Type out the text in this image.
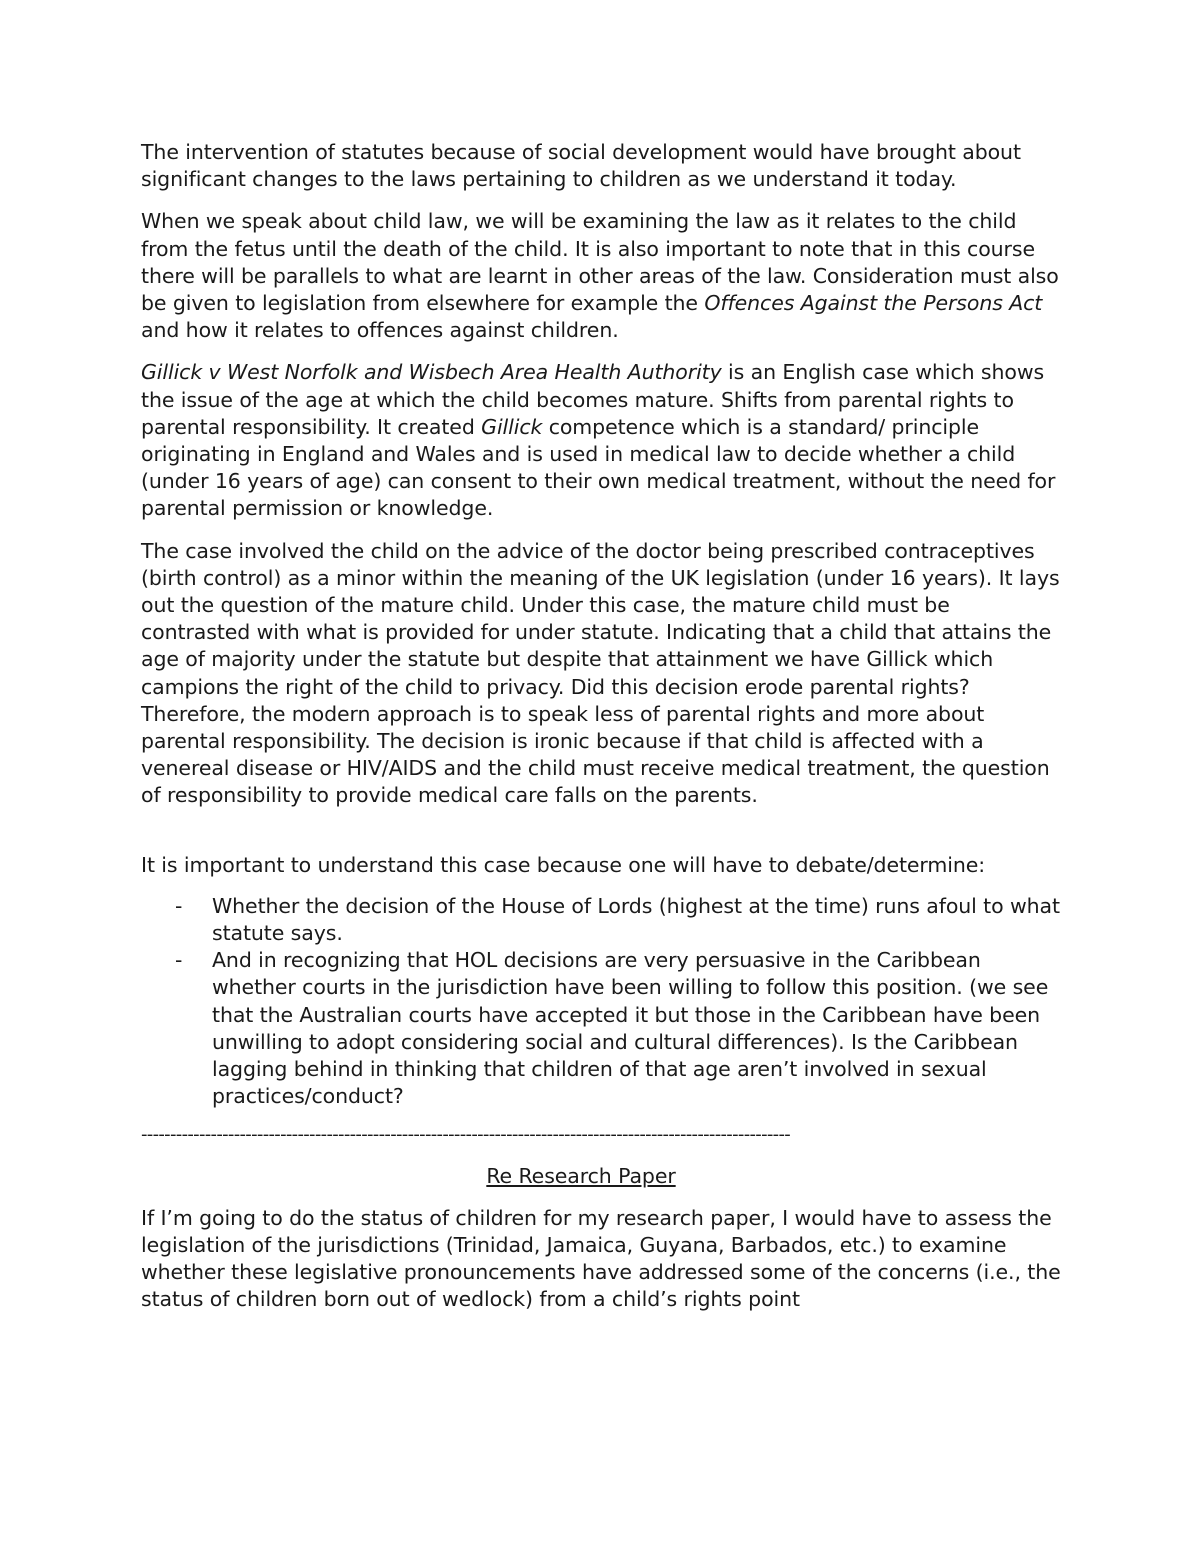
The intervention of statutes because of social development would have brought about significant changes to the laws pertaining to children as we understand it today.

When we speak about child law, we will be examining the law as it relates to the child from the fetus until the death of the child. It is also important to note that in this course there will be parallels to what are learnt in other areas of the law. Consideration must also be given to legislation from elsewhere for example the Offences Against the Persons Act and how it relates to offences against children.

Gillick v West Norfolk and Wisbech Area Health Authority is an English case which shows the issue of the age at which the child becomes mature. Shifts from parental rights to parental responsibility. It created Gillick competence which is a standard/ principle originating in England and Wales and is used in medical law to decide whether a child (under 16 years of age) can consent to their own medical treatment, without the need for parental permission or knowledge.

The case involved the child on the advice of the doctor being prescribed contraceptives (birth control) as a minor within the meaning of the UK legislation (under 16 years). It lays out the question of the mature child. Under this case, the mature child must be contrasted with what is provided for under statute. Indicating that a child that attains the age of majority under the statute but despite that attainment we have Gillick which campions the right of the child to privacy. Did this decision erode parental rights? Therefore, the modern approach is to speak less of parental rights and more about parental responsibility. The decision is ironic because if that child is affected with a venereal disease or HIV/AIDS and the child must receive medical treatment, the question of responsibility to provide medical care falls on the parents.

It is important to understand this case because one will have to debate/determine:

- Whether the decision of the House of Lords (highest at the time) runs afoul to what statute says.
- And in recognizing that HOL decisions are very persuasive in the Caribbean whether courts in the jurisdiction have been willing to follow this position. (we see that the Australian courts have accepted it but those in the Caribbean have been unwilling to adopt considering social and cultural differences). Is the Caribbean lagging behind in thinking that children of that age aren’t involved in sexual practices/conduct?
----------------------------------------------------------------------------------------------------------------

Re Research Paper

If I’m going to do the status of children for my research paper, I would have to assess the legislation of the jurisdictions (Trinidad, Jamaica, Guyana, Barbados, etc.) to examine whether these legislative pronouncements have addressed some of the concerns (i.e., the status of children born out of wedlock) from a child’s rights point
